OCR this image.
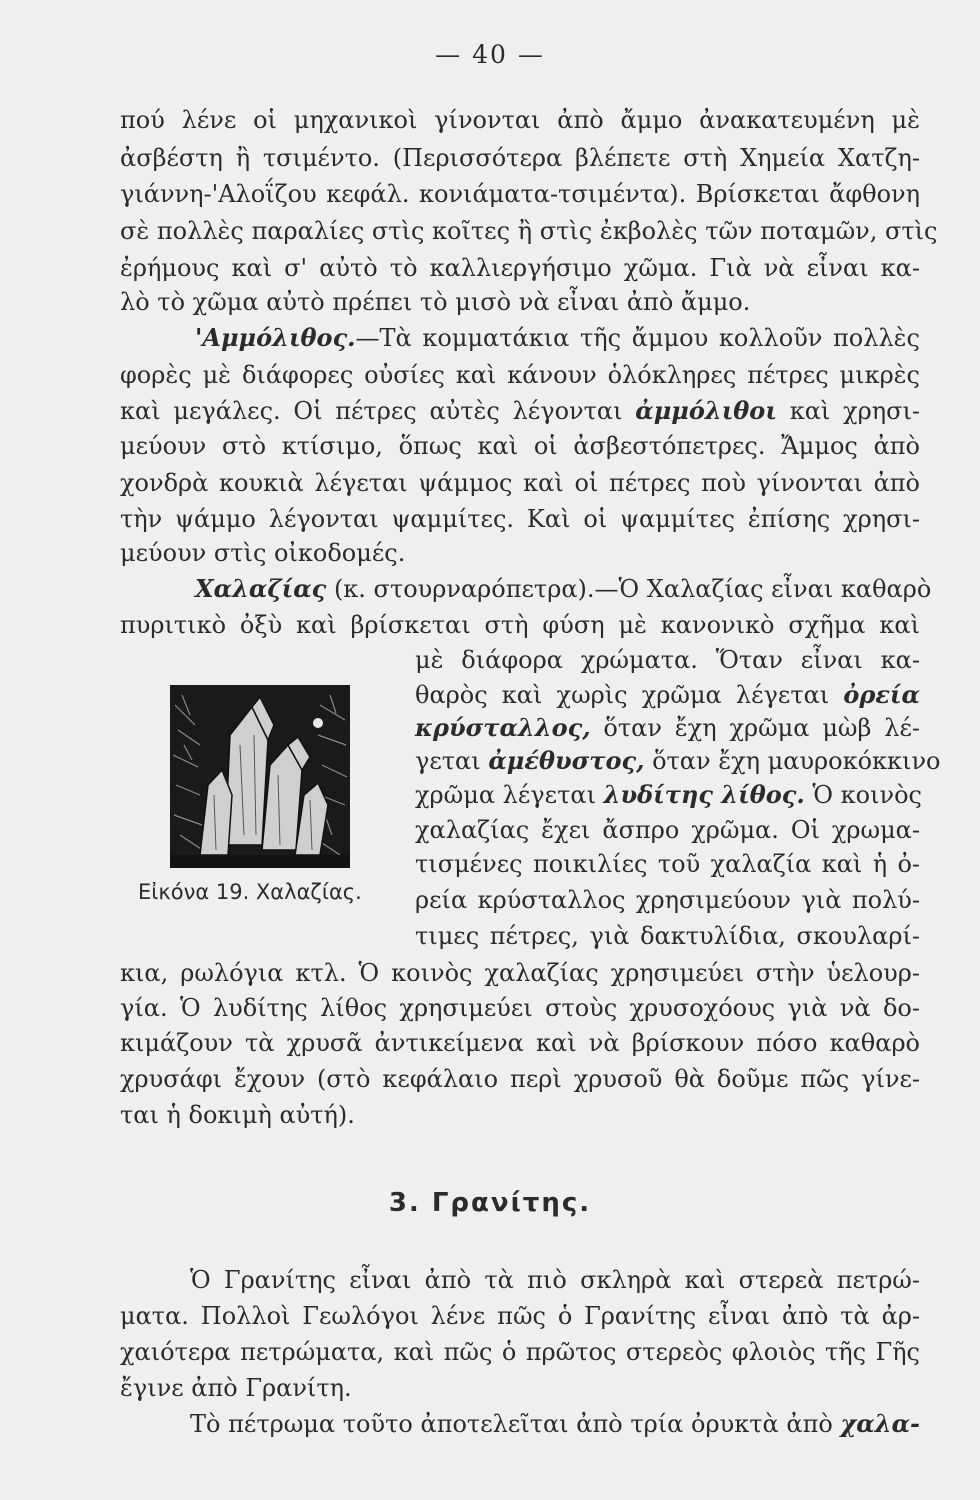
— 40 —

πού λένε οἱ μηχανικοὶ γίνονται ἀπὸ ἄμμο ἀνακατευμένη μὲ

ἀσβέστη ἢ τσιμέντο. (Περισσότερα βλέπετε στὴ Χημεία Χατζη-

γιάννη-'Αλοΐζου κεφάλ. κονιάματα-τσιμέντα). Βρίσκεται ἄφθονη

σὲ πολλὲς παραλίες στὶς κοῖτες ἢ στὶς ἐκβολὲς τῶν ποταμῶν, στὶς

ἐρήμους καὶ σ' αὐτὸ τὸ καλλιεργήσιμο χῶμα. Γιὰ νὰ εἶναι κα-

λὸ τὸ χῶμα αὐτὸ πρέπει τὸ μισὸ νὰ εἶναι ἀπὸ ἄμμο.

'Αμμόλιθος.—Τὰ κομματάκια τῆς ἄμμου κολλοῦν πολλὲς

φορὲς μὲ διάφορες οὐσίες καὶ κάνουν ὁλόκληρες πέτρες μικρὲς

καὶ μεγάλες. Οἱ πέτρες αὐτὲς λέγονται ἀμμόλιθοι καὶ χρησι-

μεύουν στὸ κτίσιμο, ὅπως καὶ οἱ ἀσβεστόπετρες. Ἄμμος ἀπὸ

χονδρὰ κουκιὰ λέγεται ψάμμος καὶ οἱ πέτρες ποὺ γίνονται ἀπὸ

τὴν ψάμμο λέγονται ψαμμίτες. Καὶ οἱ ψαμμίτες ἐπίσης χρησι-

μεύουν στὶς οἰκοδομές.

Χαλαζίας (κ. στουρναρόπετρα).—Ὁ Χαλαζίας εἶναι καθαρὸ

πυριτικὸ ὀξὺ καὶ βρίσκεται στὴ φύση μὲ κανονικὸ σχῆμα καὶ

μὲ διάφορα χρώματα. Ὅταν εἶναι κα-

θαρὸς καὶ χωρὶς χρῶμα λέγεται ὀρεία

κρύσταλλος, ὅταν ἔχη χρῶμα μὼβ λέ-

γεται ἀμέθυστος, ὅταν ἔχη μαυροκόκκινο

χρῶμα λέγεται λυδίτης λίθος. Ὁ κοινὸς

χαλαζίας ἔχει ἄσπρο χρῶμα. Οἱ χρωμα-

τισμένες ποικιλίες τοῦ χαλαζία καὶ ἡ ὀ-

ρεία κρύσταλλος χρησιμεύουν γιὰ πολύ-

τιμες πέτρες, γιὰ δακτυλίδια, σκουλαρί-

κια, ρωλόγια κτλ. Ὁ κοινὸς χαλαζίας χρησιμεύει στὴν ὑελουρ-

γία. Ὁ λυδίτης λίθος χρησιμεύει στοὺς χρυσοχόους γιὰ νὰ δο-

κιμάζουν τὰ χρυσᾶ ἀντικείμενα καὶ νὰ βρίσκουν πόσο καθαρὸ

χρυσάφι ἔχουν (στὸ κεφάλαιο περὶ χρυσοῦ θὰ δοῦμε πῶς γίνε-

ται ἡ δοκιμὴ αὐτή).

Εἰκόνα 19. Χαλαζίας.
3. Γρανίτης.

Ὁ Γρανίτης εἶναι ἀπὸ τὰ πιὸ σκληρὰ καὶ στερεὰ πετρώ-

ματα. Πολλοὶ Γεωλόγοι λένε πῶς ὁ Γρανίτης εἶναι ἀπὸ τὰ ἀρ-

χαιότερα πετρώματα, καὶ πῶς ὁ πρῶτος στερεὸς φλοιὸς τῆς Γῆς

ἔγινε ἀπὸ Γρανίτη.

Τὸ πέτρωμα τοῦτο ἀποτελεῖται ἀπὸ τρία ὀρυκτὰ ἀπὸ χαλα-
